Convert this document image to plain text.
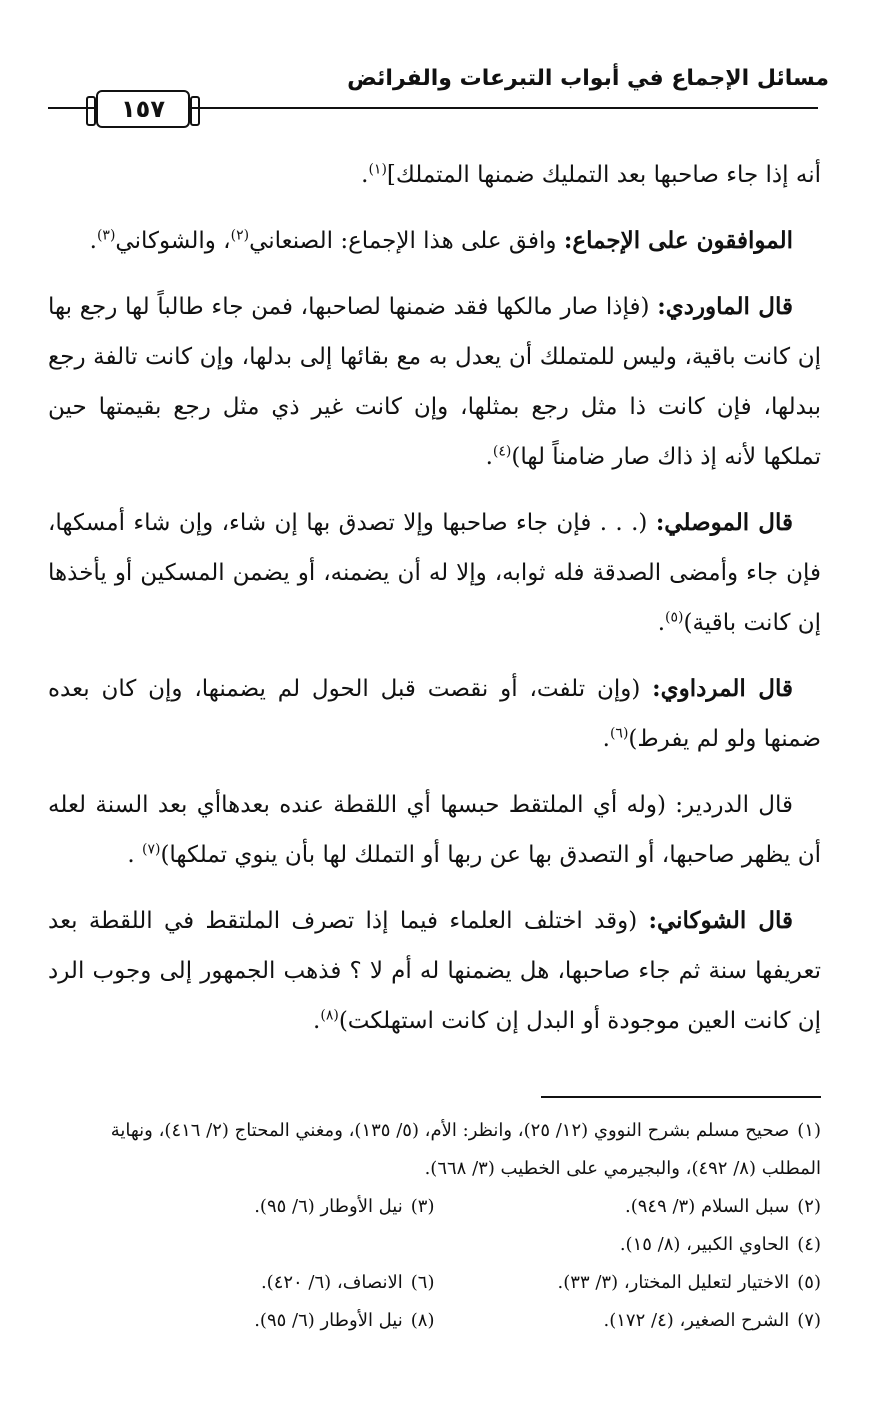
مسائل الإجماع في أبواب التبرعات والفرائض
١٥٧

أنه إذا جاء صاحبها بعد التمليك ضمنها المتملك]$^{(١)}$.

الموافقون على الإجماع: وافق على هذا الإجماع: الصنعاني$^{(٢)}$، والشوكاني$^{(٣)}$.

قال الماوردي: (فإذا صار مالكها فقد ضمنها لصاحبها، فمن جاء طالباً لها رجع بها إن كانت باقية، وليس للمتملك أن يعدل به مع بقائها إلى بدلها، وإن كانت تالفة رجع ببدلها، فإن كانت ذا مثل رجع بمثلها، وإن كانت غير ذي مثل رجع بقيمتها حين تملكها لأنه إذ ذاك صار ضامناً لها)$^{(٤)}$.

قال الموصلي: (. . . فإن جاء صاحبها وإلا تصدق بها إن شاء، وإن شاء أمسكها، فإن جاء وأمضى الصدقة فله ثوابه، وإلا له أن يضمنه، أو يضمن المسكين أو يأخذها إن كانت باقية)$^{(٥)}$.

قال المرداوي: (وإن تلفت، أو نقصت قبل الحول لم يضمنها، وإن كان بعده ضمنها ولو لم يفرط)$^{(٦)}$.

قال الدردير: (وله أي الملتقط حبسها أي اللقطة عنده بعدهاأي بعد السنة لعله أن يظهر صاحبها، أو التصدق بها عن ربها أو التملك لها بأن ينوي تملكها)$^{(٧)}$ .

قال الشوكاني: (وقد اختلف العلماء فيما إذا تصرف الملتقط في اللقطة بعد تعريفها سنة ثم جاء صاحبها، هل يضمنها له أم لا ؟ فذهب الجمهور إلى وجوب الرد إن كانت العين موجودة أو البدل إن كانت استهلكت)$^{(٨)}$.

(١)صحيح مسلم بشرح النووي (١٢/ ٢٥)، وانظر: الأم، (٥/ ١٣٥)، ومغني المحتاج (٢/ ٤١٦)، ونهاية المطلب (٨/ ٤٩٢)، والبجيرمي على الخطيب (٣/ ٦٦٨).

(٢)سبل السلام (٣/ ٩٤٩).
(٣)نيل الأوطار (٦/ ٩٥).
(٤)الحاوي الكبير، (٨/ ١٥).
(٥)الاختيار لتعليل المختار، (٣/ ٣٣).
(٦)الانصاف، (٦/ ٤٢٠).
(٧)الشرح الصغير، (٤/ ١٧٢).
(٨)نيل الأوطار (٦/ ٩٥).
